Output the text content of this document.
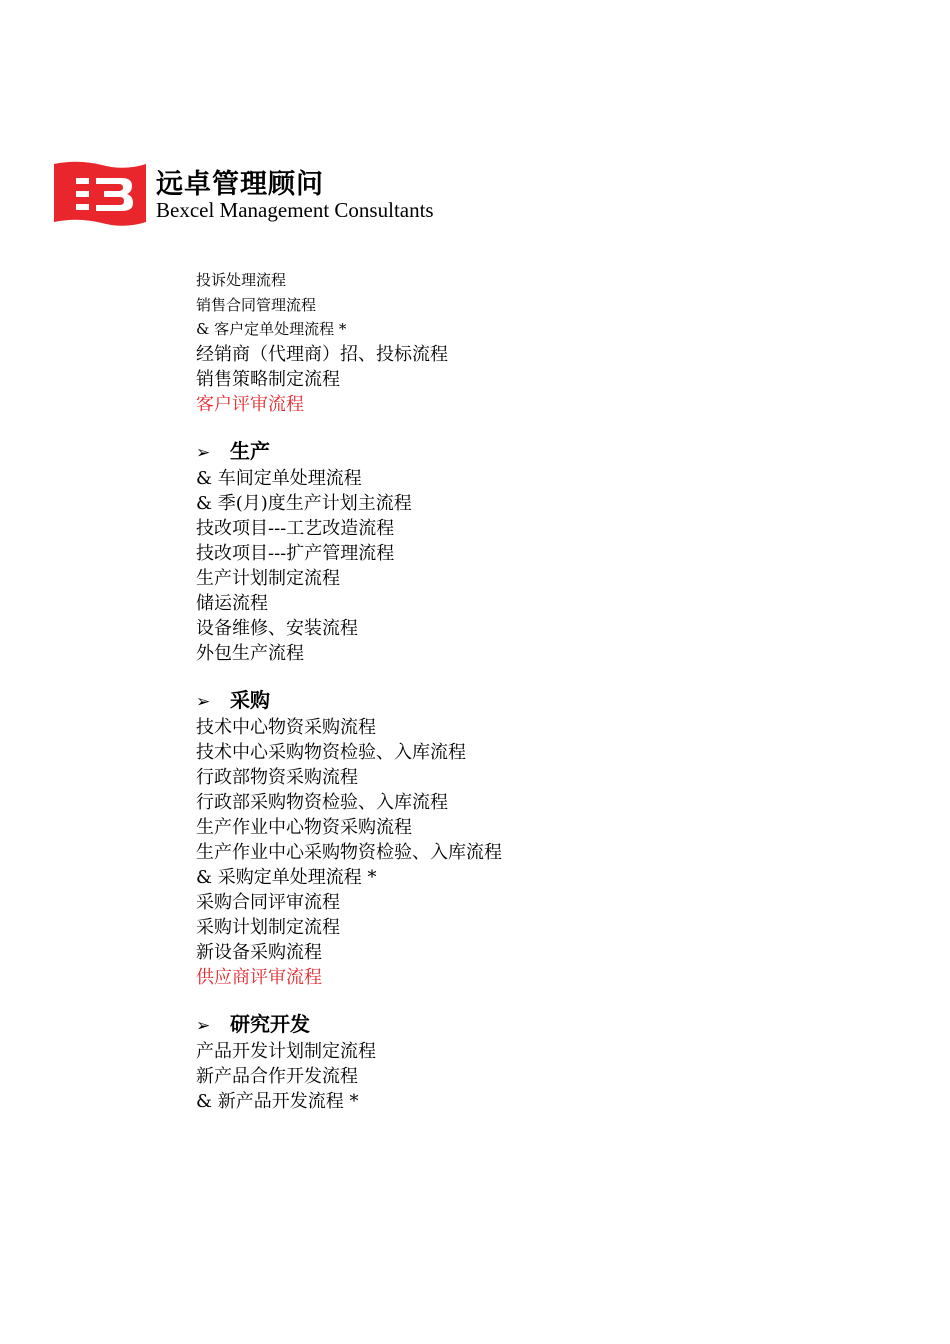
远卓管理顾问
Bexcel Management Consultants
投诉处理流程
销售合同管理流程
& 客户定单处理流程 *
经销商（代理商）招、投标流程
销售策略制定流程
客户评审流程
➢ 生产
& 车间定单处理流程
& 季(月)度生产计划主流程
技改项目---工艺改造流程
技改项目---扩产管理流程
生产计划制定流程
储运流程
设备维修、安装流程
外包生产流程
➢ 采购
技术中心物资采购流程
技术中心采购物资检验、入库流程
行政部物资采购流程
行政部采购物资检验、入库流程
生产作业中心物资采购流程
生产作业中心采购物资检验、入库流程
& 采购定单处理流程 *
采购合同评审流程
采购计划制定流程
新设备采购流程
供应商评审流程
➢ 研究开发
产品开发计划制定流程
新产品合作开发流程
& 新产品开发流程 *
